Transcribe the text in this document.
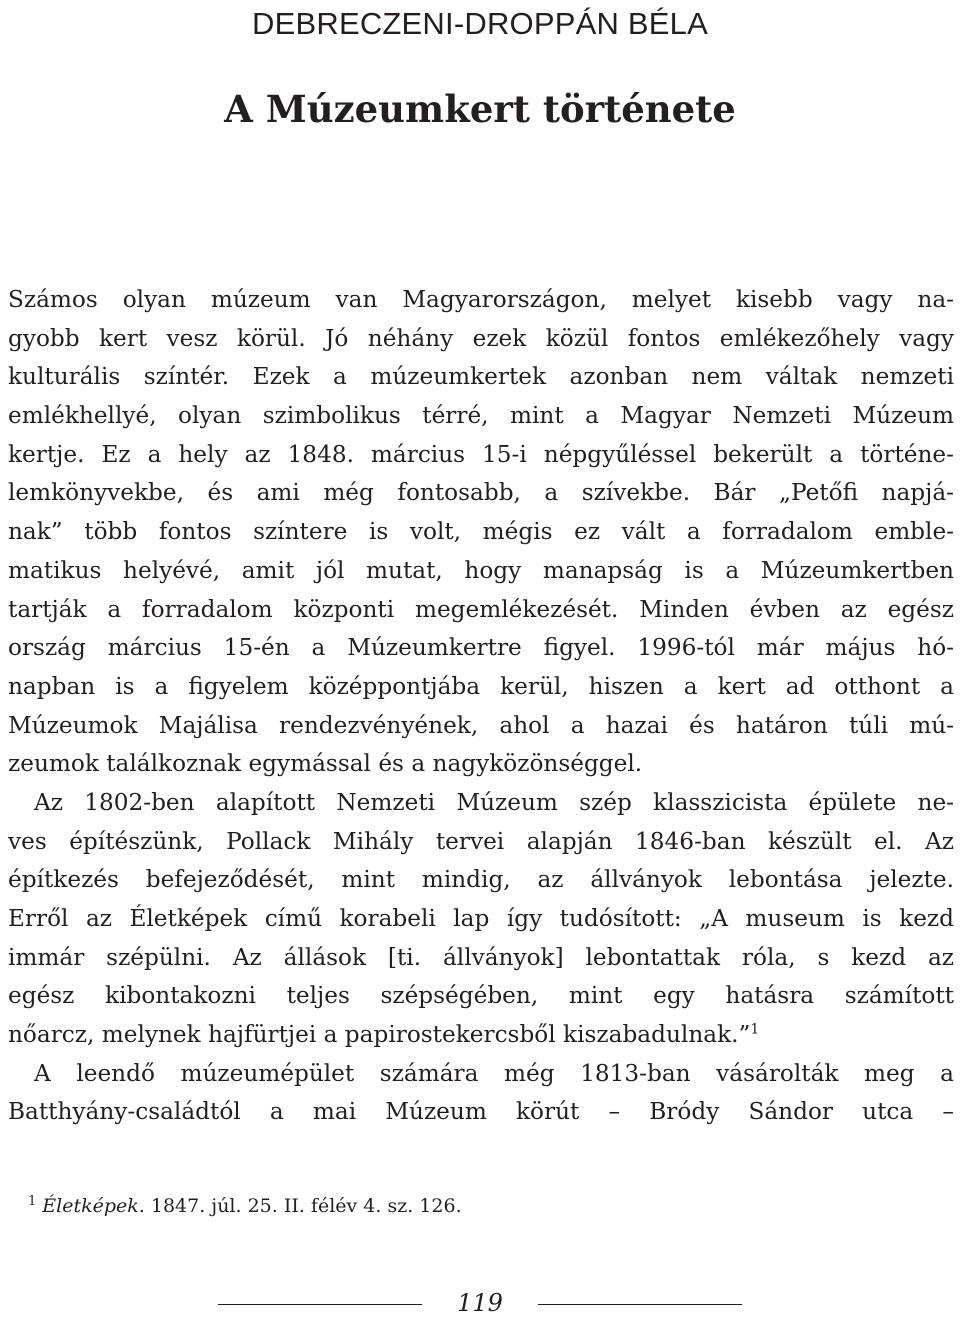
DEBRECZENI-DROPPÁN BÉLA
A Múzeumkert története
Számos olyan múzeum van Magyarországon, melyet kisebb vagy na-
gyobb kert vesz körül. Jó néhány ezek közül fontos emlékezőhely vagy
kulturális színtér. Ezek a múzeumkertek azonban nem váltak nemzeti
emlékhellyé, olyan szimbolikus térré, mint a Magyar Nemzeti Múzeum
kertje. Ez a hely az 1848. március 15-i népgyűléssel bekerült a történe-
lemkönyvekbe, és ami még fontosabb, a szívekbe. Bár „Petőfi napjá-
nak” több fontos színtere is volt, mégis ez vált a forradalom emble-
matikus helyévé, amit jól mutat, hogy manapság is a Múzeumkertben
tartják a forradalom központi megemlékezését. Minden évben az egész
ország március 15-én a Múzeumkertre figyel. 1996-tól már május hó-
napban is a figyelem középpontjába kerül, hiszen a kert ad otthont a
Múzeumok Majálisa rendezvényének, ahol a hazai és határon túli mú-
zeumok találkoznak egymással és a nagyközönséggel.
Az 1802-ben alapított Nemzeti Múzeum szép klasszicista épülete ne-
ves építészünk, Pollack Mihály tervei alapján 1846-ban készült el. Az
építkezés befejeződését, mint mindig, az állványok lebontása jelezte.
Erről az Életképek című korabeli lap így tudósított: „A museum is kezd
immár szépülni. Az állások [ti. állványok] lebontattak róla, s kezd az
egész kibontakozni teljes szépségében, mint egy hatásra számított
nőarcz, melynek hajfürtjei a papirostekercsből kiszabadulnak.”$^1$
A leendő múzeumépület számára még 1813-ban vásárolták meg a
Batthyány-családtól a mai Múzeum körút – Bródy Sándor utca –
$^1$ Életképek. 1847. júl. 25. II. félév 4. sz. 126.
119
